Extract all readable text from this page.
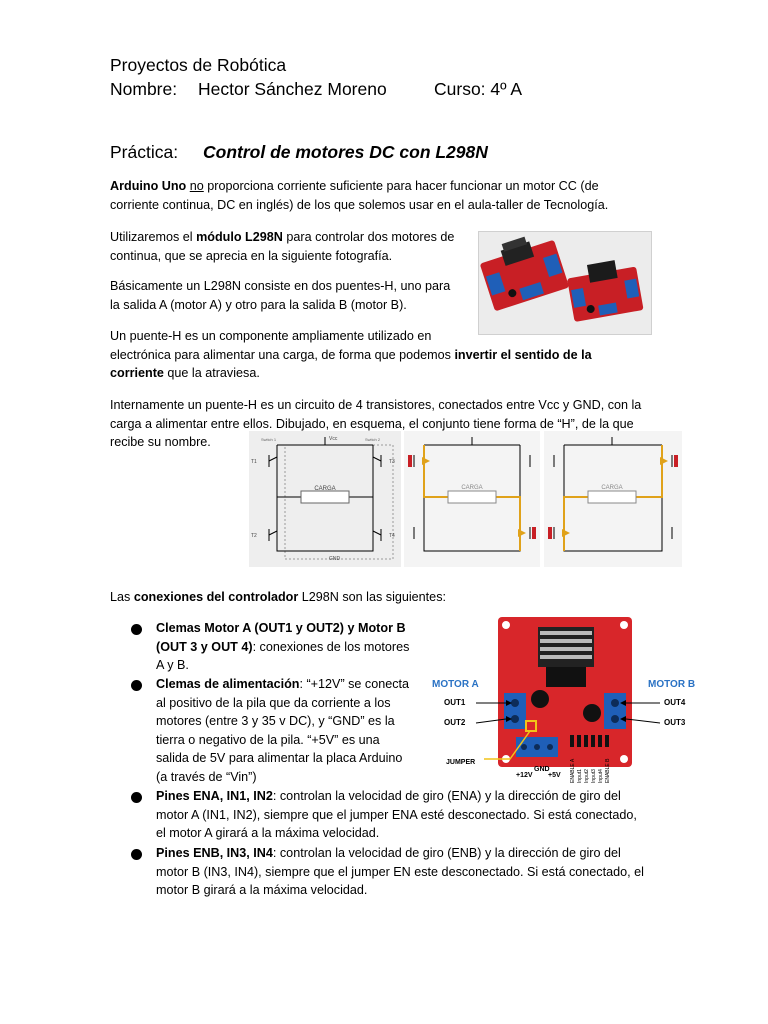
Proyectos de Robótica
Nombre: Hector Sánchez Moreno	Curso: 4º A
Práctica: Control de motores DC con L298N
Arduino Uno no proporciona corriente suficiente para hacer funcionar un motor CC (de
corriente continua, DC en inglés) de los que solemos usar en el aula-taller de Tecnología.
Utilizaremos el módulo L298N para controlar dos motores de
continua, que se aprecia en la siguiente fotografía.
Básicamente un L298N consiste en dos puentes-H, uno para
la salida A (motor A) y otro para la salida B (motor B).
Un puente-H es un componente ampliamente utilizado en
electrónica para alimentar una carga, de forma que podemos invertir el sentido de la
corriente que la atraviesa.
Internamente un puente-H es un circuito de 4 transistores, conectados entre Vcc y GND, con la
carga a alimentar entre ellos. Dibujado, en esquema, el conjunto tiene forma de “H”, de la que
recibe su nombre.
CARGA
Vcc
GND
T1
T2
T3
T4
Switch 1	Switch 2
CARGA	CARGA
Las conexiones del controlador L298N son las siguientes:
Clemas Motor A (OUT1 y OUT2) y Motor B
(OUT 3 y OUT 4): conexiones de los motores
A y B.
Clemas de alimentación: “+12V” se conecta
al positivo de la pila que da corriente a los
motores (entre 3 y 35 v DC), y “GND” es la
tierra o negativo de la pila. “+5V” es una
salida de 5V para alimentar la placa Arduino
(a través de “Vin”)
Pines ENA, IN1, IN2: controlan la velocidad de giro (ENA) y la dirección de giro del
motor A (IN1, IN2), siempre que el jumper ENA esté desconectado. Si está conectado,
el motor A girará a la máxima velocidad.
Pines ENB, IN3, IN4: controlan la velocidad de giro (ENB) y la dirección de giro del
motor B (IN3, IN4), siempre que el jumper EN este desconectado. Si está conectado, el
motor B girará a la máxima velocidad.
MOTOR A	MOTOR B
OUT1
OUT2
OUT4
OUT3
JUMPER
+12V
GND
+5V ENABLE A Input1 Input2 Input3 Input4 ENABLE B
